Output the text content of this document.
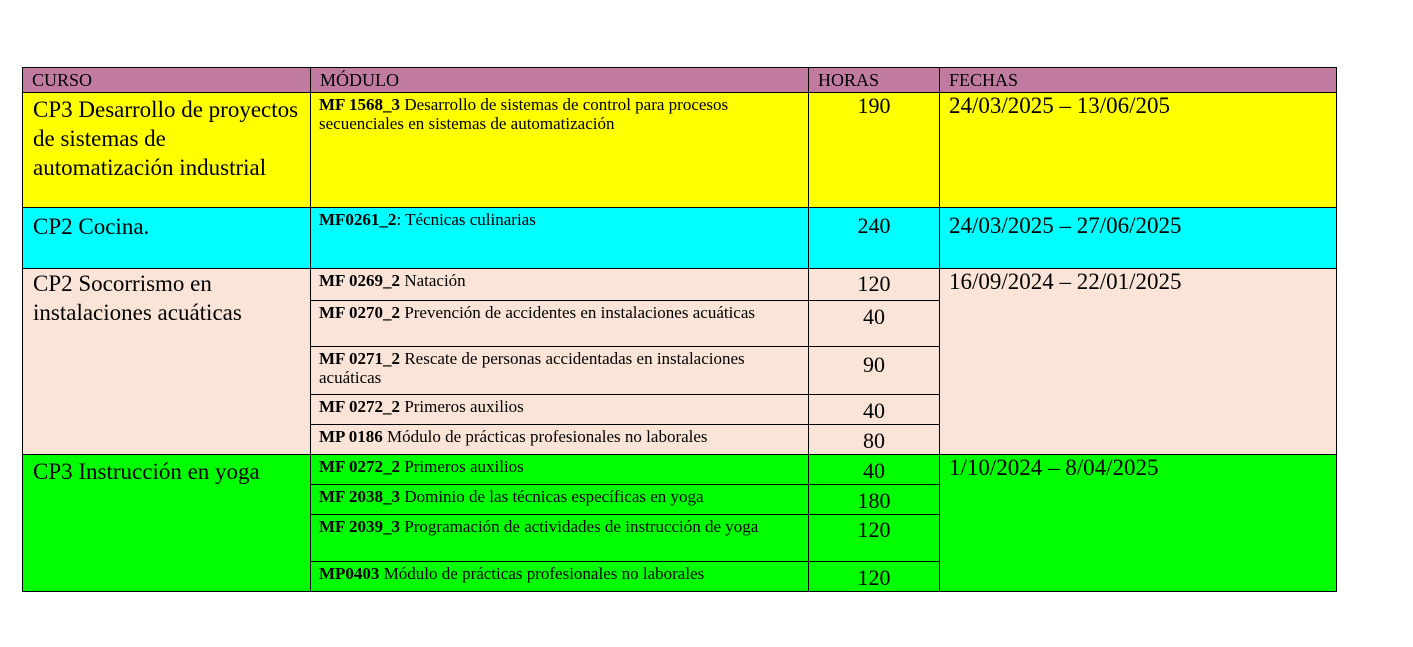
CURSO	MÓDULO	HORAS	FECHAS

CP3 Desarrollo de proyectos de sistemas de automatización industrial	MF 1568_3 Desarrollo de sistemas de control para procesos secuenciales en sistemas de automatización	190	24/03/2025 – 13/06/205

CP2 Cocina.	MF0261_2: Técnicas culinarias	240	24/03/2025 – 27/06/2025

CP2 Socorrismo en instalaciones acuáticas	MF 0269_2 Natación	120	16/09/2024 – 22/01/2025

	MF 0270_2 Prevención de accidentes en instalaciones acuáticas	40	

	MF 0271_2 Rescate de personas accidentadas en instalaciones acuáticas	90	

	MF 0272_2 Primeros auxilios	40	

	MP 0186 Módulo de prácticas profesionales no laborales	80	

CP3 Instrucción en yoga	MF 0272_2 Primeros auxilios	40	1/10/2024 – 8/04/2025

	MF 2038_3 Dominio de las técnicas específicas en yoga	180	

	MF 2039_3 Programación de actividades de instrucción de yoga	120	

	MP0403 Módulo de prácticas profesionales no laborales	120	
